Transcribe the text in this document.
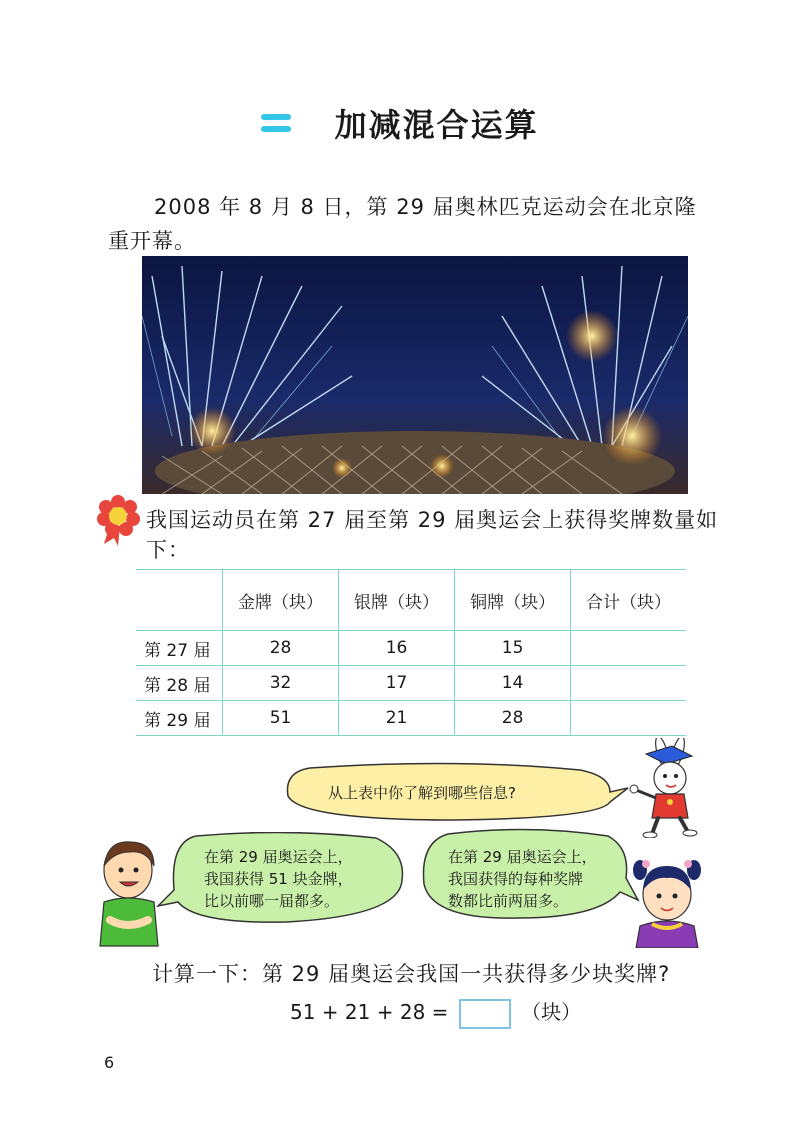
加减混合运算
2008 年 8 月 8 日，第 29 届奥林匹克运动会在北京隆重开幕。
我国运动员在第 27 届至第 29 届奥运会上获得奖牌数量如下：
	金牌（块）	银牌（块）	铜牌（块）	合计（块）
第 27 届	28	16	15	
第 28 届	32	17	14	
第 29 届	51	21	28	
从上表中你了解到哪些信息?
在第 29 届奥运会上，
我国获得 51 块金牌，
比以前哪一届都多。
在第 29 届奥运会上，
我国获得的每种奖牌
数都比前两届多。
计算一下：第 29 届奥运会我国一共获得多少块奖牌?
51 + 21 + 28 =	（块）
6
